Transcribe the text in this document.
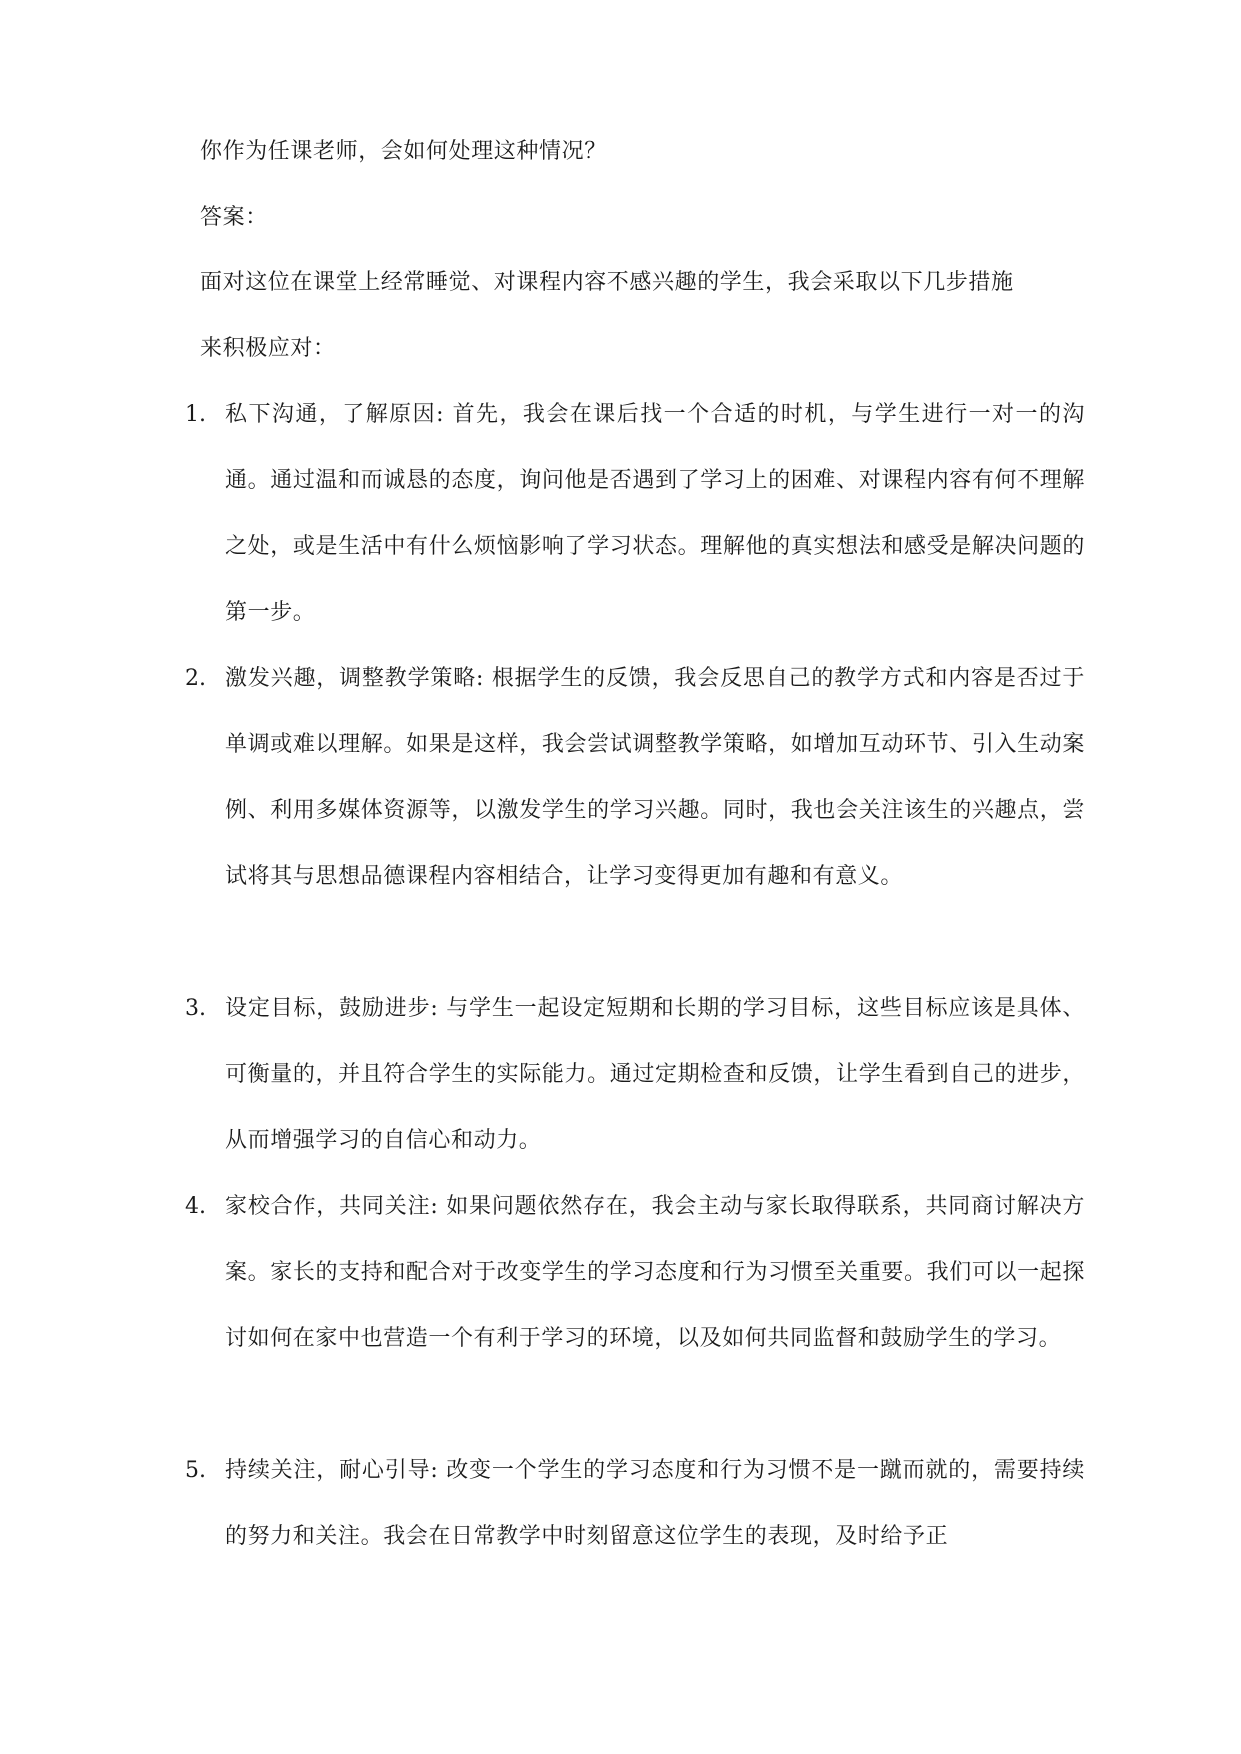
你作为任课老师，会如何处理这种情况？
答案：
面对这位在课堂上经常睡觉、对课程内容不感兴趣的学生，我会采取以下几步措施
来积极应对：
1. 私下沟通，了解原因: 首先，我会在课后找一个合适的时机，与学生进行一对一的沟通。通过温和而诚恳的态度，询问他是否遇到了学习上的困难、对课程内容有何不理解之处，或是生活中有什么烦恼影响了学习状态。理解他的真实想法和感受是解决问题的第一步。
2. 激发兴趣，调整教学策略: 根据学生的反馈，我会反思自己的教学方式和内容是否过于单调或难以理解。如果是这样，我会尝试调整教学策略，如增加互动环节、引入生动案例、利用多媒体资源等，以激发学生的学习兴趣。同时，我也会关注该生的兴趣点，尝试将其与思想品德课程内容相结合，让学习变得更加有趣和有意义。
3. 设定目标，鼓励进步: 与学生一起设定短期和长期的学习目标，这些目标应该是具体、可衡量的，并且符合学生的实际能力。通过定期检查和反馈，让学生看到自己的进步，从而增强学习的自信心和动力。
4. 家校合作，共同关注: 如果问题依然存在，我会主动与家长取得联系，共同商讨解决方案。家长的支持和配合对于改变学生的学习态度和行为习惯至关重要。我们可以一起探讨如何在家中也营造一个有利于学习的环境，以及如何共同监督和鼓励学生的学习。
5. 持续关注，耐心引导: 改变一个学生的学习态度和行为习惯不是一蹴而就的，需要持续的努力和关注。我会在日常教学中时刻留意这位学生的表现，及时给予正
